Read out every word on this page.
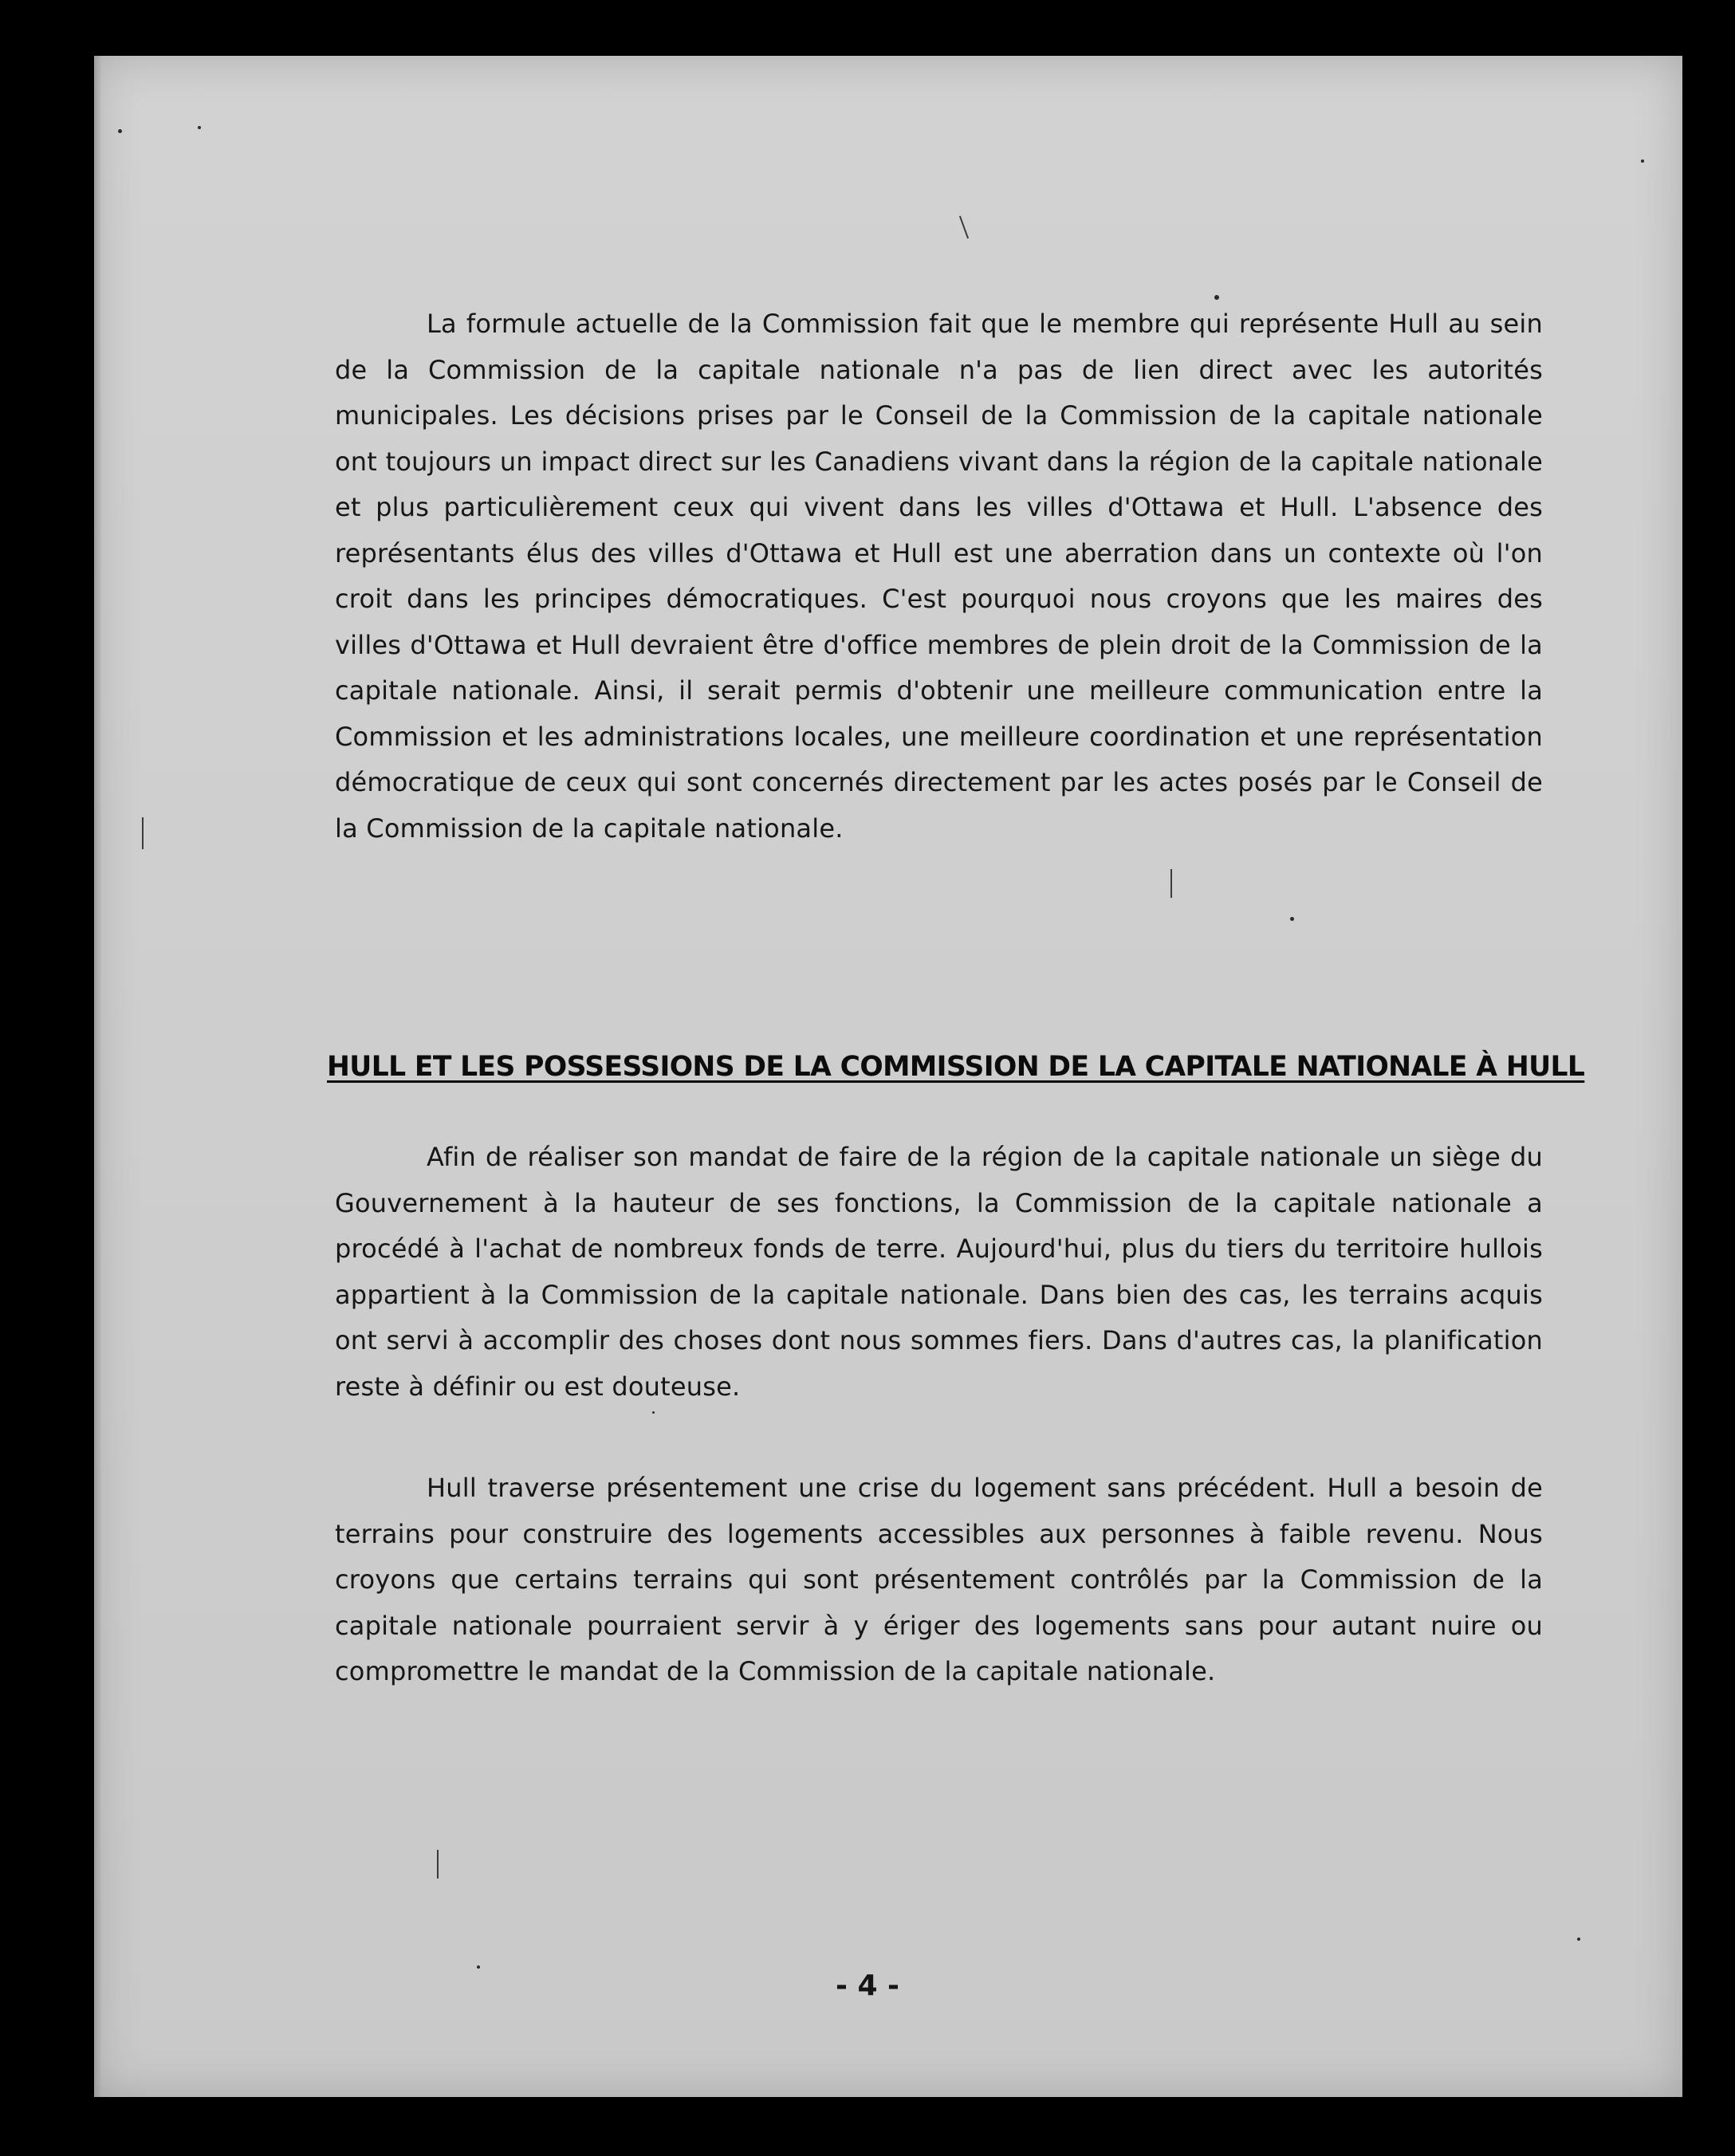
La formule actuelle de la Commission fait que le membre qui représente Hull au sein de la Commission de la capitale nationale n'a pas de lien direct avec les autorités municipales. Les décisions prises par le Conseil de la Commission de la capitale nationale ont toujours un impact direct sur les Canadiens vivant dans la région de la capitale nationale et plus particulièrement ceux qui vivent dans les villes d'Ottawa et Hull. L'absence des représentants élus des villes d'Ottawa et Hull est une aberration dans un contexte où l'on croit dans les principes démocratiques. C'est pourquoi nous croyons que les maires des villes d'Ottawa et Hull devraient être d'office membres de plein droit de la Commission de la capitale nationale. Ainsi, il serait permis d'obtenir une meilleure communication entre la Commission et les administrations locales, une meilleure coordination et une représentation démocratique de ceux qui sont concernés directement par les actes posés par le Conseil de la Commission de la capitale nationale.

HULL ET LES POSSESSIONS DE LA COMMISSION DE LA CAPITALE NATIONALE À HULL

Afin de réaliser son mandat de faire de la région de la capitale nationale un siège du Gouvernement à la hauteur de ses fonctions, la Commission de la capitale nationale a procédé à l'achat de nombreux fonds de terre. Aujourd'hui, plus du tiers du territoire hullois appartient à la Commission de la capitale nationale. Dans bien des cas, les terrains acquis ont servi à accomplir des choses dont nous sommes fiers. Dans d'autres cas, la planification reste à définir ou est douteuse.

Hull traverse présentement une crise du logement sans précédent. Hull a besoin de terrains pour construire des logements accessibles aux personnes à faible revenu. Nous croyons que certains terrains qui sont présentement contrôlés par la Commission de la capitale nationale pourraient servir à y ériger des logements sans pour autant nuire ou compromettre le mandat de la Commission de la capitale nationale.

- 4 -
